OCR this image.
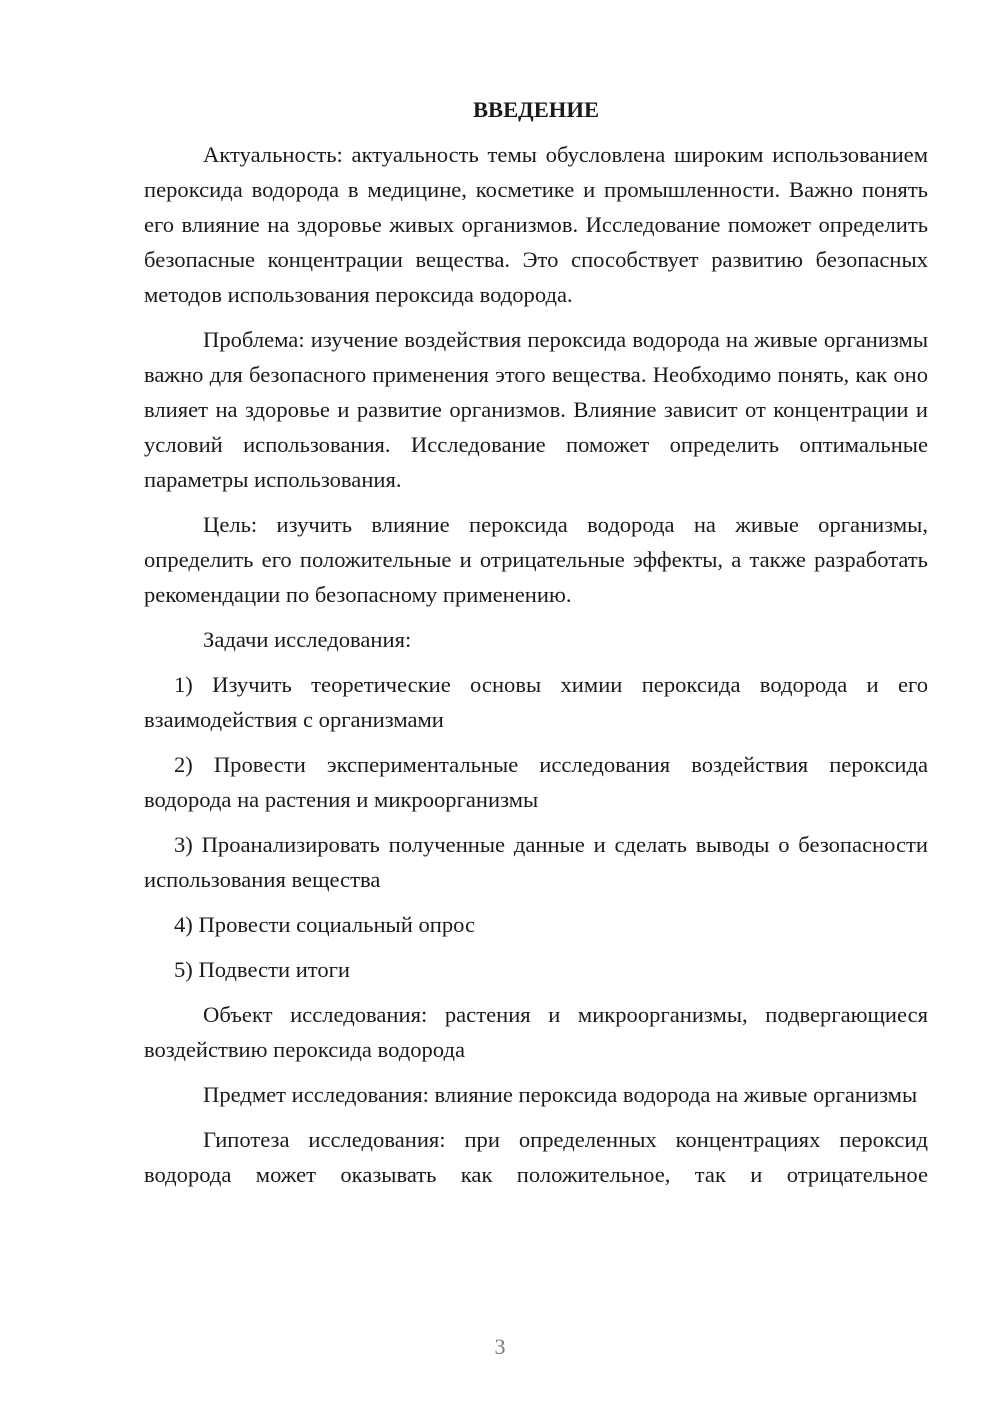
ВВЕДЕНИЕ

Актуальность: актуальность темы обусловлена широким использованием пероксида водорода в медицине, косметике и промышленности. Важно понять его влияние на здоровье живых организмов. Исследование поможет определить безопасные концентрации вещества. Это способствует развитию безопасных методов использования пероксида водорода.

Проблема: изучение воздействия пероксида водорода на живые организмы важно для безопасного применения этого вещества. Необходимо понять, как оно влияет на здоровье и развитие организмов. Влияние зависит от концентрации и условий использования. Исследование поможет определить оптимальные параметры использования.

Цель: изучить влияние пероксида водорода на живые организмы, определить его положительные и отрицательные эффекты, а также разработать рекомендации по безопасному применению.

Задачи исследования:

1) Изучить теоретические основы химии пероксида водорода и его взаимодействия с организмами

2) Провести экспериментальные исследования воздействия пероксида водорода на растения и микроорганизмы

3) Проанализировать полученные данные и сделать выводы о безопасности использования вещества

4) Провести социальный опрос

5) Подвести итоги

Объект исследования: растения и микроорганизмы, подвергающиеся воздействию пероксида водорода

Предмет исследования: влияние пероксида водорода на живые организмы

Гипотеза исследования: при определенных концентрациях пероксид водорода может оказывать как положительное, так и отрицательное

3
